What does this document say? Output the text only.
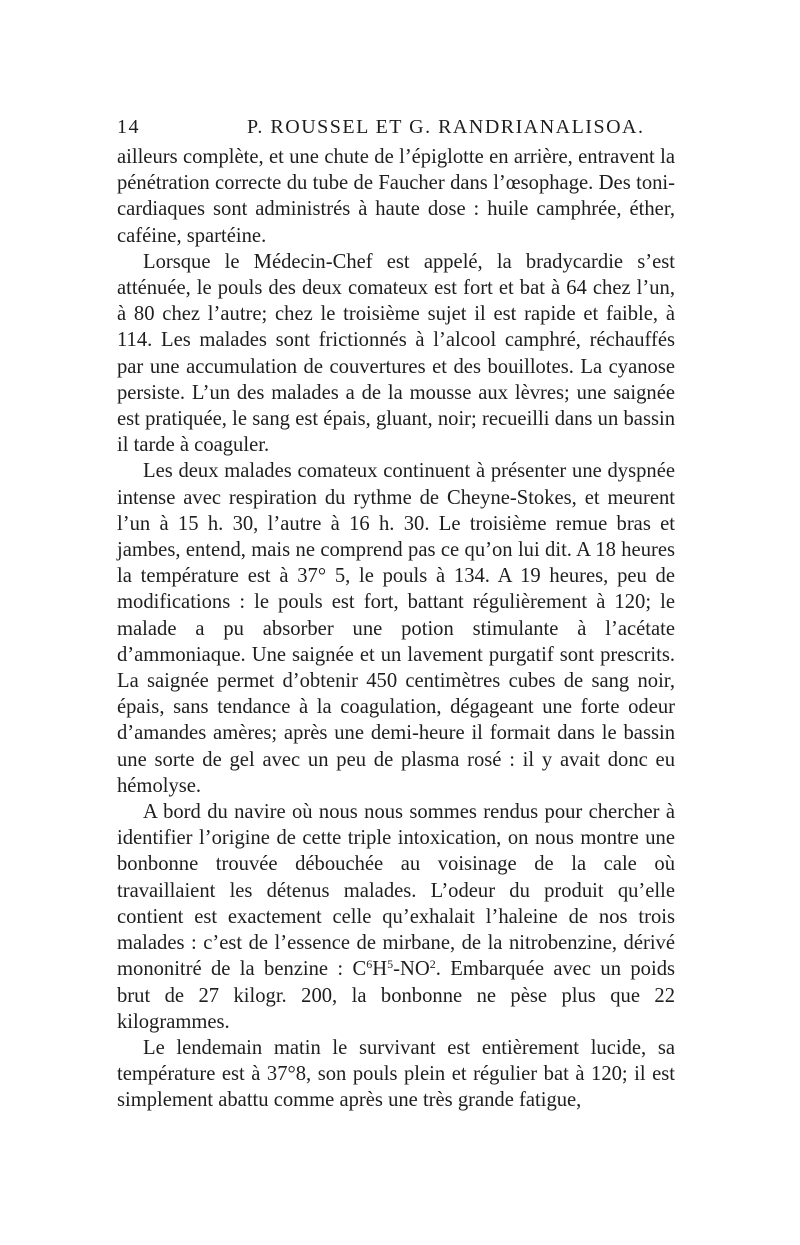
14	P. ROUSSEL ET G. RANDRIANALISOA.

ailleurs complète, et une chute de l’épiglotte en arrière, entravent la pénétration correcte du tube de Faucher dans l’œsophage. Des toni-cardiaques sont administrés à haute dose : huile camphrée, éther, caféine, spartéine.

Lorsque le Médecin-Chef est appelé, la bradycardie s’est atténuée, le pouls des deux comateux est fort et bat à 64 chez l’un, à 80 chez l’autre; chez le troisième sujet il est rapide et faible, à 114. Les malades sont frictionnés à l’alcool camphré, réchauffés par une accumulation de couvertures et des bouillotes. La cyanose persiste. L’un des malades a de la mousse aux lèvres; une saignée est pratiquée, le sang est épais, gluant, noir; recueilli dans un bassin il tarde à coaguler.

Les deux malades comateux continuent à présenter une dyspnée intense avec respiration du rythme de Cheyne-Stokes, et meurent l’un à 15 h. 30, l’autre à 16 h. 30. Le troisième remue bras et jambes, entend, mais ne comprend pas ce qu’on lui dit. A 18 heures la température est à 37° 5, le pouls à 134. A 19 heures, peu de modifications : le pouls est fort, battant régulièrement à 120; le malade a pu absorber une potion stimulante à l’acétate d’ammoniaque. Une saignée et un lavement purgatif sont prescrits. La saignée permet d’obtenir 450 centimètres cubes de sang noir, épais, sans tendance à la coagulation, dégageant une forte odeur d’amandes amères; après une demi-heure il formait dans le bassin une sorte de gel avec un peu de plasma rosé : il y avait donc eu hémolyse.

A bord du navire où nous nous sommes rendus pour chercher à identifier l’origine de cette triple intoxication, on nous montre une bonbonne trouvée débouchée au voisinage de la cale où travaillaient les détenus malades. L’odeur du produit qu’elle contient est exactement celle qu’exhalait l’haleine de nos trois malades : c’est de l’essence de mirbane, de la nitrobenzine, dérivé mononitré de la benzine : $C^6H^5-NO^2$. Embarquée avec un poids brut de 27 kilogr. 200, la bonbonne ne pèse plus que 22 kilogrammes.

Le lendemain matin le survivant est entièrement lucide, sa température est à 37°8, son pouls plein et régulier bat à 120; il est simplement abattu comme après une très grande fatigue,
